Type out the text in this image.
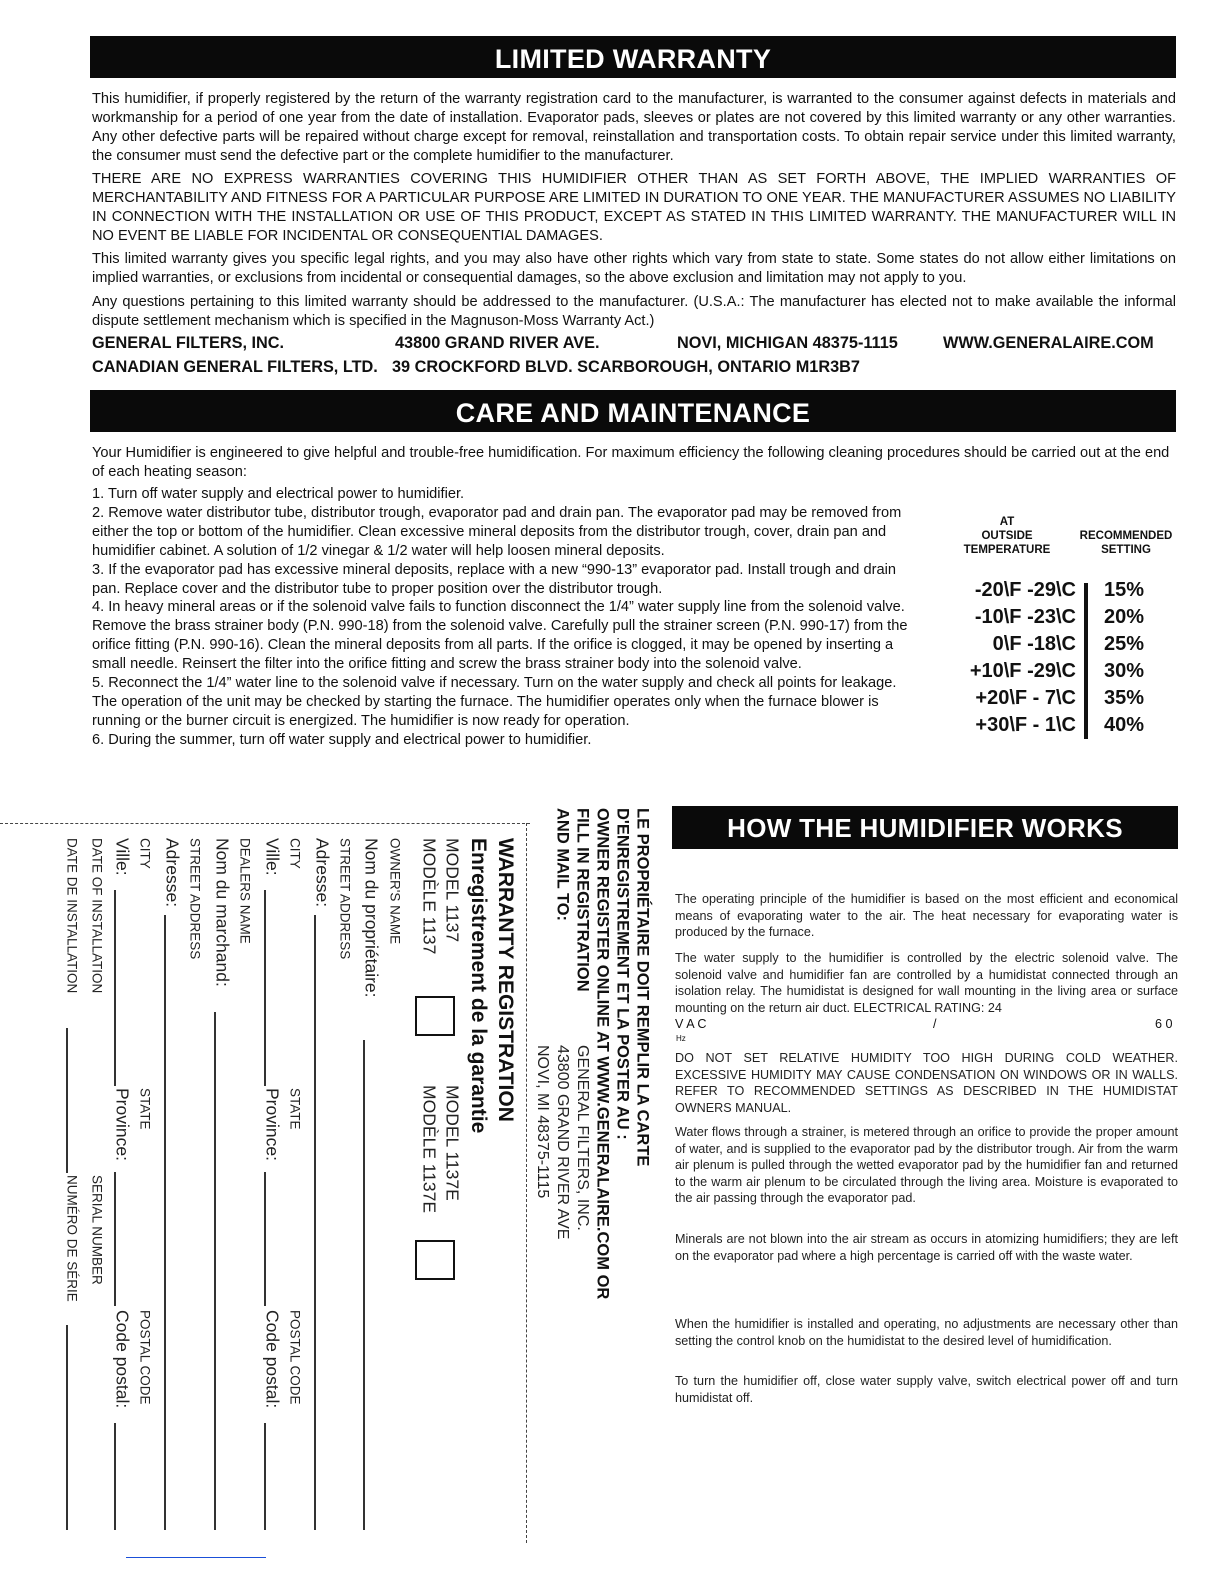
LIMITED WARRANTY

This humidifier, if properly registered by the return of the warranty registration card to the manufacturer, is warranted to the consumer against defects in materials and workmanship for a period of one year from the date of installation. Evaporator pads, sleeves or plates are not covered by this limited warranty or any other warranties. Any other defective parts will be repaired without charge except for removal, reinstallation and transportation costs. To obtain repair service under this limited warranty, the consumer must send the defective part or the complete humidifier to the manufacturer.

THERE ARE NO EXPRESS WARRANTIES COVERING THIS HUMIDIFIER OTHER THAN AS SET FORTH ABOVE, THE IMPLIED WARRANTIES OF MERCHANTABILITY AND FITNESS FOR A PARTICULAR PURPOSE ARE LIMITED IN DURATION TO ONE YEAR. THE MANUFACTURER ASSUMES NO LIABILITY IN CONNECTION WITH THE INSTALLATION OR USE OF THIS PRODUCT, EXCEPT AS STATED IN THIS LIMITED WARRANTY. THE MANUFACTURER WILL IN NO EVENT BE LIABLE FOR INCIDENTAL OR CONSEQUENTIAL DAMAGES.

This limited warranty gives you specific legal rights, and you may also have other rights which vary from state to state. Some states do not allow either limitations on implied warranties, or exclusions from incidental or consequential damages, so the above exclusion and limitation may not apply to you.

Any questions pertaining to this limited warranty should be addressed to the manufacturer. (U.S.A.: The manufacturer has elected not to make available the informal dispute settlement mechanism which is specified in the Magnuson-Moss Warranty Act.)

GENERAL FILTERS, INC.	43800 GRAND RIVER AVE.	NOVI, MICHIGAN 48375-1115	WWW.GENERALAIRE.COM
CANADIAN GENERAL FILTERS, LTD. 39 CROCKFORD BLVD. SCARBOROUGH, ONTARIO M1R3B7
CARE AND MAINTENANCE

Your Humidifier is engineered to give helpful and trouble-free humidification. For maximum efficiency the following cleaning procedures should be carried out at the end of each heating season:

1. Turn off water supply and electrical power to humidifier.
2. Remove water distributor tube, distributor trough, evaporator pad and drain pan. The evaporator pad may be removed from either the top or bottom of the humidifier. Clean excessive mineral deposits from the distributor trough, cover, drain pan and humidifier cabinet. A solution of 1/2 vinegar & 1/2 water will help loosen mineral deposits.
3. If the evaporator pad has excessive mineral deposits, replace with a new “990-13” evaporator pad. Install trough and drain pan. Replace cover and the distributor tube to proper position over the distributor trough.
4. In heavy mineral areas or if the solenoid valve fails to function disconnect the 1/4” water supply line from the solenoid valve. Remove the brass strainer body (P.N. 990-18) from the solenoid valve. Carefully pull the strainer screen (P.N. 990-17) from the orifice fitting (P.N. 990-16). Clean the mineral deposits from all parts. If the orifice is clogged, it may be opened by inserting a small needle. Reinsert the filter into the orifice fitting and screw the brass strainer body into the solenoid valve.
5. Reconnect the 1/4” water line to the solenoid valve if necessary. Turn on the water supply and check all points for leakage. The operation of the unit may be checked by starting the furnace. The humidifier operates only when the furnace blower is running or the burner circuit is energized. The humidifier is now ready for operation.
6. During the summer, turn off water supply and electrical power to humidifier.
AT
OUTSIDE
TEMPERATURE
RECOMMENDED
SETTING
-20\F -29\C 15%
-10\F -23\C 20%
0\F -18\C 25%
+10\F -29\C 30%
+20\F - 7\C 35%
+30\F - 1\C 40%
HOW THE HUMIDIFIER WORKS

The operating principle of the humidifier is based on the most efficient and economical means of evaporating water to the air. The heat necessary for evaporating water is produced by the furnace.

The water supply to the humidifier is controlled by the electric solenoid valve. The solenoid valve and humidifier fan are controlled by a humidistat connected through an isolation relay. The humidistat is designed for wall mounting in the living area or surface mounting on the return air duct. ELECTRICAL RATING: 24

V A C	/	6 0
Hz

DO NOT SET RELATIVE HUMIDITY TOO HIGH DURING COLD WEATHER. EXCESSIVE HUMIDITY MAY CAUSE CONDENSATION ON WINDOWS OR IN WALLS. REFER TO RECOMMENDED SETTINGS AS DESCRIBED IN THE HUMIDISTAT OWNERS MANUAL.

Water flows through a strainer, is metered through an orifice to provide the proper amount of water, and is supplied to the evaporator pad by the distributor trough. Air from the warm air plenum is pulled through the wetted evaporator pad by the humidifier fan and returned to the warm air plenum to be circulated through the living area. Moisture is evaporated to the air passing through the evaporator pad.

Minerals are not blown into the air stream as occurs in atomizing humidifiers; they are left on the evaporator pad where a high percentage is carried off with the waste water.

When the humidifier is installed and operating, no adjustments are necessary other than setting the control knob on the humidistat to the desired level of humidification.

To turn the humidifier off, close water supply valve, switch electrical power off and turn humidistat off.

LE PROPRIÉTAIRE DOIT REMPLIR LA CARTE
D'ENREGISTREMENT ET LA POSTER AU :
OWNER REGISTER ONLINE AT WWW.GENERALAIRE.COM OR
FILL IN REGISTRATION
AND MAIL TO:
GENERAL FILTERS, INC.
43800 GRAND RIVER AVE
NOVI, MI 48375-1115
WARRANTY REGISTRATION
Enregistrement de la garantie
MODEL 1137
MODÈLE 1137
MODEL 1137E
MODÈLE 1137E
OWNER'S NAME
Nom du propriétaire:
STREET ADDRESS
Adresse:
CITY
Ville:
STATE
Province:
POSTAL CODE
Code postal:
DEALERS NAME
Nom du marchand:
STREET ADDRESS
Adresse:
CITY
Ville:
STATE
Province:
POSTAL CODE
Code postal:
DATE OF INSTALLATION
DATE DE INSTALLATION
SERIAL NUMBER
NUMÉRO DE SÉRIE
